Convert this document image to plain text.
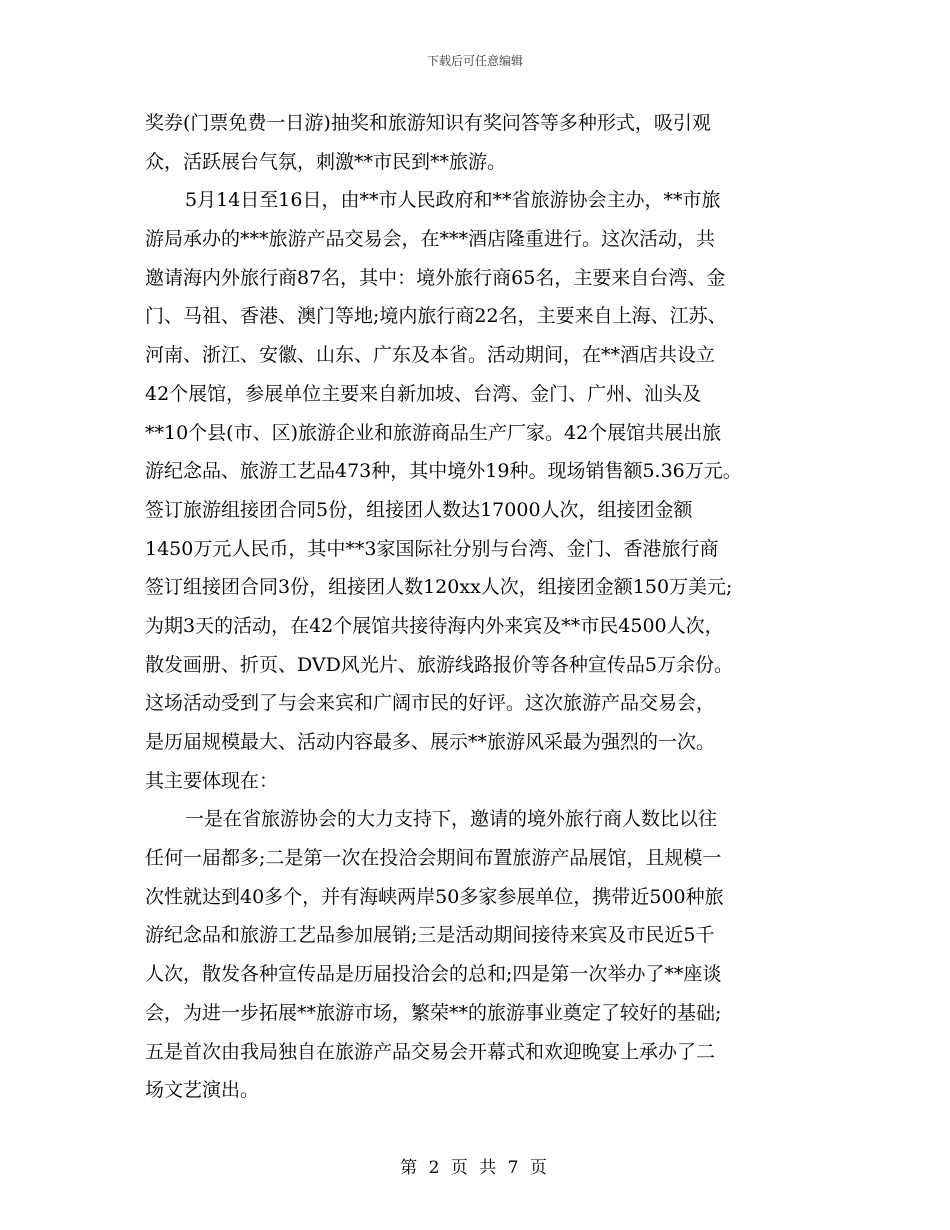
下载后可任意编辑
奖券(门票免费一日游)抽奖和旅游知识有奖问答等多种形式，吸引观
众，活跃展台气氛，刺激**市民到**旅游。
5月14日至16日，由**市人民政府和**省旅游协会主办，**市旅
游局承办的***旅游产品交易会，在***酒店隆重进行。这次活动，共
邀请海内外旅行商87名，其中：境外旅行商65名，主要来自台湾、金
门、马祖、香港、澳门等地;境内旅行商22名，主要来自上海、江苏、
河南、浙江、安徽、山东、广东及本省。活动期间，在**酒店共设立
42个展馆，参展单位主要来自新加坡、台湾、金门、广州、汕头及
**10个县(市、区)旅游企业和旅游商品生产厂家。42个展馆共展出旅
游纪念品、旅游工艺品473种，其中境外19种。现场销售额5.36万元。
签订旅游组接团合同5份，组接团人数达17000人次，组接团金额
1450万元人民币，其中**3家国际社分别与台湾、金门、香港旅行商
签订组接团合同3份，组接团人数120xx人次，组接团金额150万美元;
为期3天的活动，在42个展馆共接待海内外来宾及**市民4500人次，
散发画册、折页、DVD风光片、旅游线路报价等各种宣传品5万余份。
这场活动受到了与会来宾和广阔市民的好评。这次旅游产品交易会，
是历届规模最大、活动内容最多、展示**旅游风采最为强烈的一次。
其主要体现在：
一是在省旅游协会的大力支持下，邀请的境外旅行商人数比以往
任何一届都多;二是第一次在投洽会期间布置旅游产品展馆，且规模一
次性就达到40多个，并有海峡两岸50多家参展单位，携带近500种旅
游纪念品和旅游工艺品参加展销;三是活动期间接待来宾及市民近5千
人次，散发各种宣传品是历届投洽会的总和;四是第一次举办了**座谈
会，为进一步拓展**旅游市场，繁荣**的旅游事业奠定了较好的基础;
五是首次由我局独自在旅游产品交易会开幕式和欢迎晚宴上承办了二
场文艺演出。
第 2 页 共 7 页
